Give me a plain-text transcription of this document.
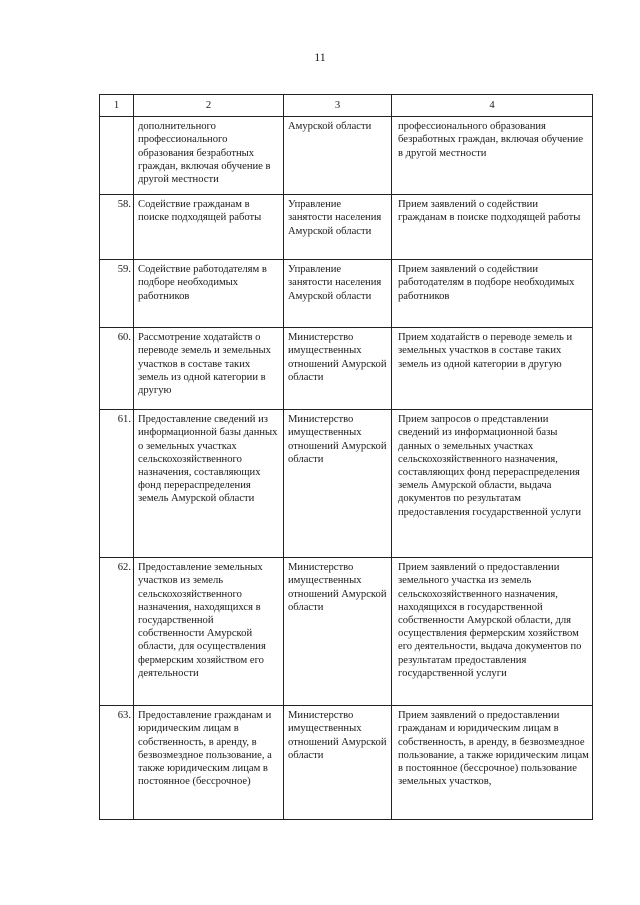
11
1	2	3	4
	дополнительного профессионального образования безработных граждан, включая обучение в другой местности	Амурской области	профессионального образования безработных граждан, включая обучение в другой местности
58.	Содействие гражданам в поиске подходящей работы	Управление занятости населения Амурской области	Прием заявлений о содействии гражданам в поиске подходящей работы
59.	Содействие работодателям в подборе необходимых работников	Управление занятости населения Амурской области	Прием заявлений о содействии работодателям в подборе необходимых работников
60.	Рассмотрение ходатайств о переводе земель и земельных участков в составе таких земель из одной категории в другую	Министерство имущественных отношений Амурской области	Прием ходатайств о переводе земель и земельных участков в составе таких земель из одной категории в другую
61.	Предоставление сведений из информационной базы данных о земельных участках сельскохозяйственного назначения, составляющих фонд перераспределения земель Амурской области	Министерство имущественных отношений Амурской области	Прием запросов о представлении сведений из информационной базы данных о земельных участках сельскохозяйственного назначения, составляющих фонд перераспределения земель Амурской области, выдача документов по результатам предоставления государственной услуги
62.	Предоставление земельных участков из земель сельскохозяйственного назначения, находящихся в государственной собственности Амурской области, для осуществления фермерским хозяйством его деятельности	Министерство имущественных отношений Амурской области	Прием заявлений о предоставлении земельного участка из земель сельскохозяйственного назначения, находящихся в государственной собственности Амурской области, для осуществления фермерским хозяйством его деятельности, выдача документов по результатам предоставления государственной услуги
63.	Предоставление гражданам и юридическим лицам в собственность, в аренду, в безвозмездное пользование, а также юридическим лицам в постоянное (бессрочное)	Министерство имущественных отношений Амурской области	Прием заявлений о предоставлении гражданам и юридическим лицам в собственность, в аренду, в безвозмездное пользование, а также юридическим лицам в постоянное (бессрочное) пользование земельных участков,
